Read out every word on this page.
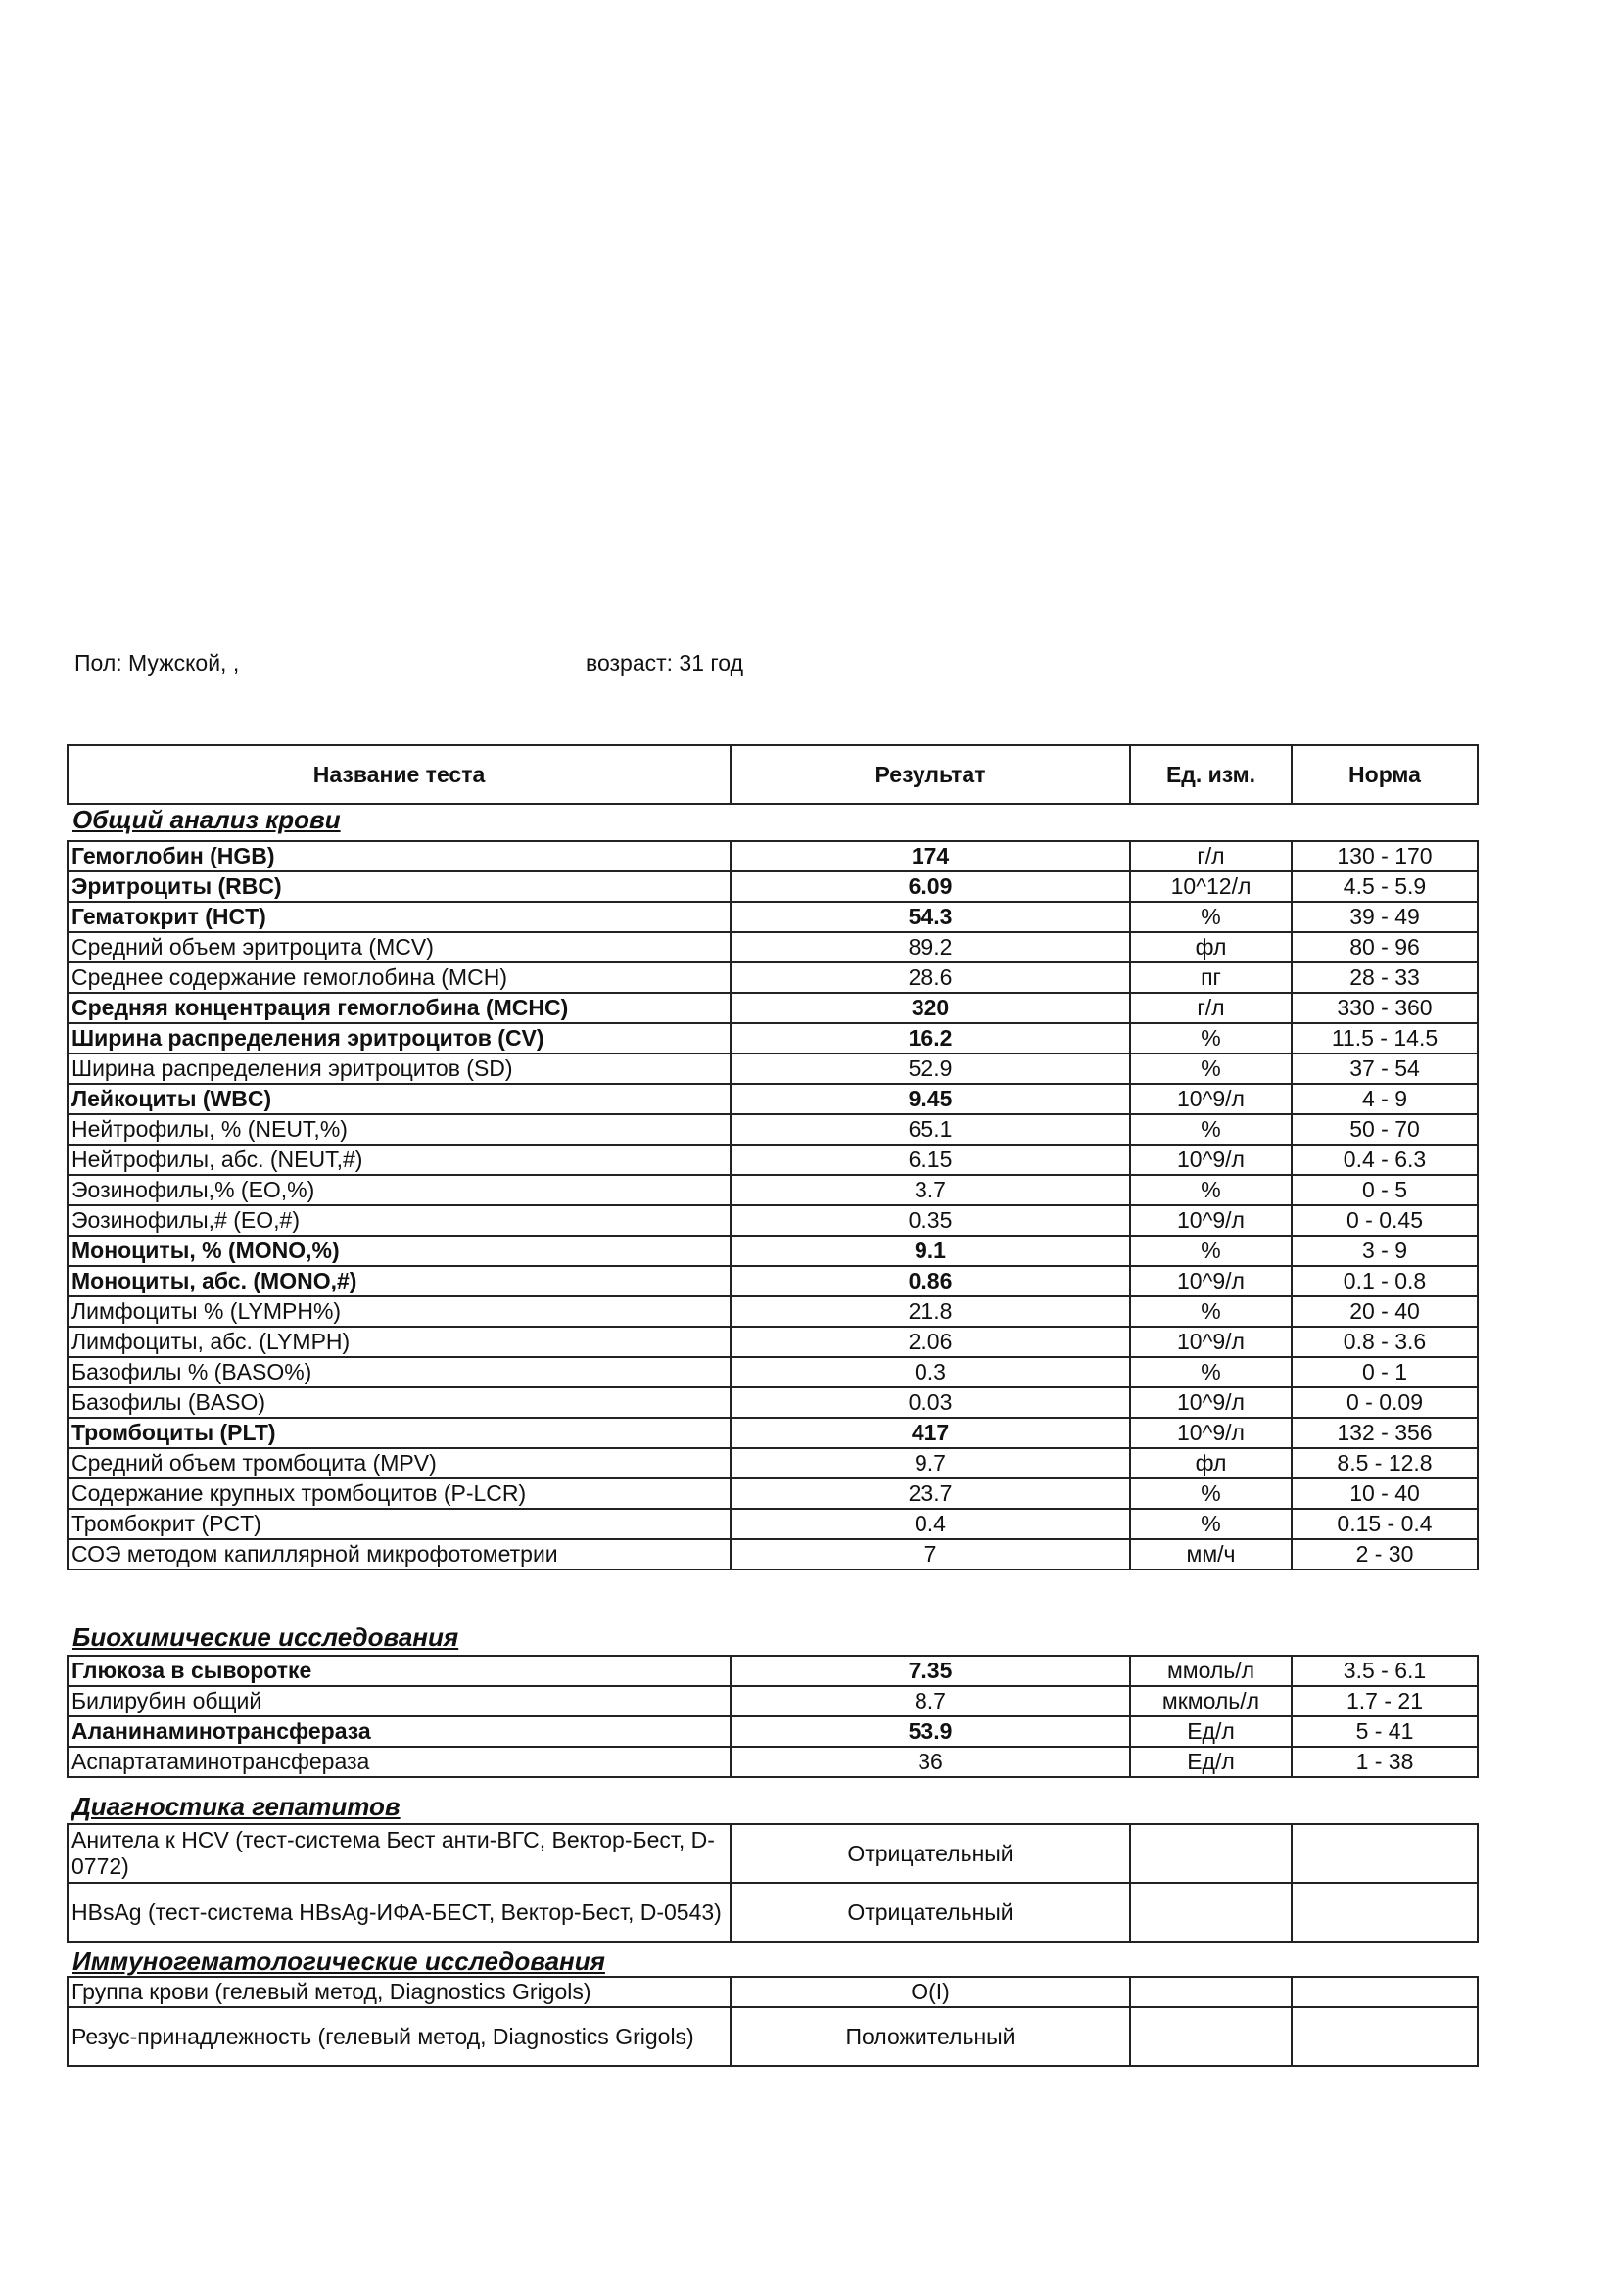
Пол: Мужской, ,	возраст: 31 год
Название теста	Результат	Ед. изм.	Норма
Общий анализ крови
Гемоглобин (HGB)	174	г/л	130 - 170
Эритроциты (RBC)	6.09	10^12/л	4.5 - 5.9
Гематокрит (HCT)	54.3	%	39 - 49
Средний объем эритроцита (MCV)	89.2	фл	80 - 96
Среднее содержание гемоглобина (MCH)	28.6	пг	28 - 33
Средняя концентрация гемоглобина (MCHC)	320	г/л	330 - 360
Ширина распределения эритроцитов (CV)	16.2	%	11.5 - 14.5
Ширина распределения эритроцитов (SD)	52.9	%	37 - 54
Лейкоциты (WBC)	9.45	10^9/л	4 - 9
Нейтрофилы, % (NEUT,%)	65.1	%	50 - 70
Нейтрофилы, абс. (NEUT,#)	6.15	10^9/л	0.4 - 6.3
Эозинофилы,% (EO,%)	3.7	%	0 - 5
Эозинофилы,# (EO,#)	0.35	10^9/л	0 - 0.45
Моноциты, % (MONO,%)	9.1	%	3 - 9
Моноциты, абс. (MONO,#)	0.86	10^9/л	0.1 - 0.8
Лимфоциты % (LYMPH%)	21.8	%	20 - 40
Лимфоциты, абс. (LYMPH)	2.06	10^9/л	0.8 - 3.6
Базофилы % (BASO%)	0.3	%	0 - 1
Базофилы (BASO)	0.03	10^9/л	0 - 0.09
Тромбоциты (PLT)	417	10^9/л	132 - 356
Средний объем тромбоцита (MPV)	9.7	фл	8.5 - 12.8
Содержание крупных тромбоцитов (P-LCR)	23.7	%	10 - 40
Тромбокрит (PCT)	0.4	%	0.15 - 0.4
СОЭ методом капиллярной микрофотометрии	7	мм/ч	2 - 30
Биохимические исследования
Глюкоза в сыворотке	7.35	ммоль/л	3.5 - 6.1
Билирубин общий	8.7	мкмоль/л	1.7 - 21
Аланинаминотрансфераза	53.9	Ед/л	5 - 41
Аспартатаминотрансфераза	36	Ед/л	1 - 38
Диагностика гепатитов
Анитела к HCV (тест-система Бест анти-ВГС, Вектор-Бест, D-0772)	Отрицательный		
HBsAg (тест-система HBsAg-ИФА-БЕСТ, Вектор-Бест, D-0543)	Отрицательный		
Иммуногематологические исследования
Группа крови (гелевый метод, Diagnostics Grigols)	O(I)		
Резус-принадлежность (гелевый метод, Diagnostics Grigols)	Положительный		
